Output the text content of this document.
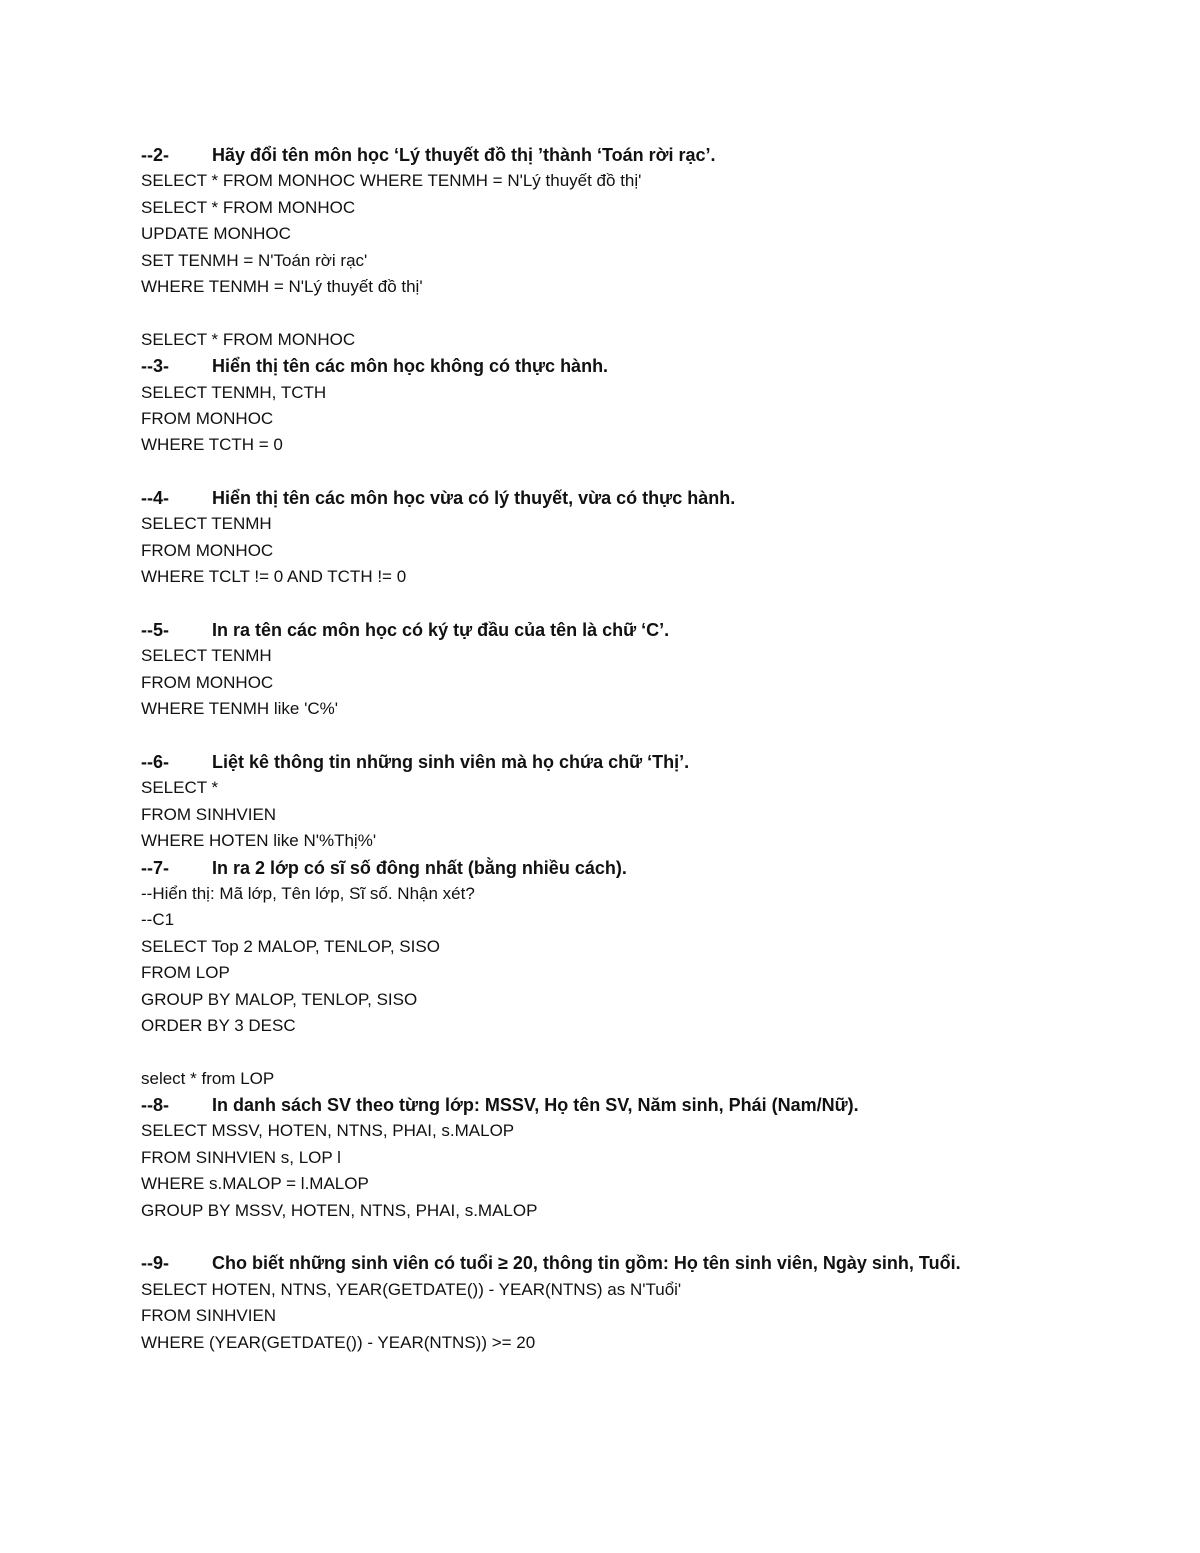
--2- Hãy đổi tên môn học ‘Lý thuyết đồ thị ’thành ‘Toán rời rạc’.
SELECT * FROM MONHOC WHERE TENMH = N'Lý thuyết đồ thị'
SELECT * FROM MONHOC
UPDATE MONHOC
SET TENMH = N'Toán rời rạc'
WHERE TENMH = N'Lý thuyết đồ thị'
SELECT * FROM MONHOC
--3- Hiển thị tên các môn học không có thực hành.
SELECT TENMH, TCTH
FROM MONHOC
WHERE TCTH = 0
--4- Hiển thị tên các môn học vừa có lý thuyết, vừa có thực hành.
SELECT TENMH
FROM MONHOC
WHERE TCLT != 0 AND TCTH != 0
--5- In ra tên các môn học có ký tự đầu của tên là chữ ‘C’.
SELECT TENMH
FROM MONHOC
WHERE TENMH like 'C%'
--6- Liệt kê thông tin những sinh viên mà họ chứa chữ ‘Thị’.
SELECT *
FROM SINHVIEN
WHERE HOTEN like N'%Thị%'
--7- In ra 2 lớp có sĩ số đông nhất (bằng nhiều cách).
--Hiển thị: Mã lớp, Tên lớp, Sĩ số. Nhận xét?
--C1
SELECT Top 2 MALOP, TENLOP, SISO
FROM LOP
GROUP BY MALOP, TENLOP, SISO
ORDER BY 3 DESC
select * from LOP
--8- In danh sách SV theo từng lớp: MSSV, Họ tên SV, Năm sinh, Phái (Nam/Nữ).
SELECT MSSV, HOTEN, NTNS, PHAI, s.MALOP
FROM SINHVIEN s, LOP l
WHERE s.MALOP = l.MALOP
GROUP BY MSSV, HOTEN, NTNS, PHAI, s.MALOP
--9- Cho biết những sinh viên có tuổi ≥ 20, thông tin gồm: Họ tên sinh viên, Ngày sinh, Tuổi.
SELECT HOTEN, NTNS, YEAR(GETDATE()) - YEAR(NTNS) as N'Tuổi'
FROM SINHVIEN
WHERE (YEAR(GETDATE()) - YEAR(NTNS)) >= 20
